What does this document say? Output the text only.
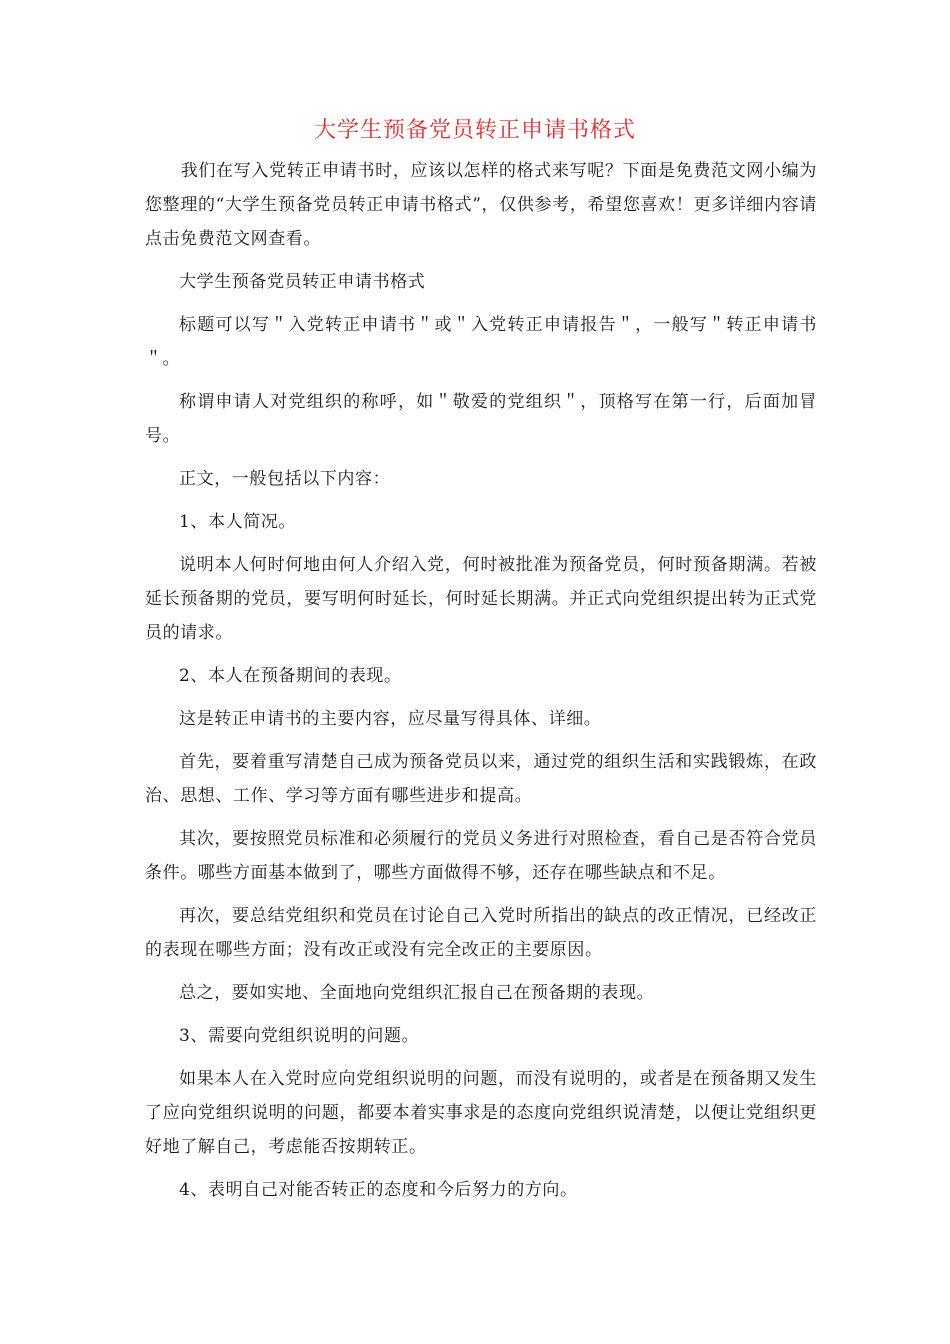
大学生预备党员转正申请书格式

我们在写入党转正申请书时，应该以怎样的格式来写呢？下面是免费范文网小编为您整理的“大学生预备党员转正申请书格式”，仅供参考，希望您喜欢！更多详细内容请点击免费范文网查看。

大学生预备党员转正申请书格式

标题可以写＂入党转正申请书＂或＂入党转正申请报告＂，一般写＂转正申请书＂。

称谓申请人对党组织的称呼，如＂敬爱的党组织＂，顶格写在第一行，后面加冒号。

正文，一般包括以下内容：

1、本人简况。

说明本人何时何地由何人介绍入党，何时被批准为预备党员，何时预备期满。若被延长预备期的党员，要写明何时延长，何时延长期满。并正式向党组织提出转为正式党员的请求。

2、本人在预备期间的表现。

这是转正申请书的主要内容，应尽量写得具体、详细。

首先，要着重写清楚自己成为预备党员以来，通过党的组织生活和实践锻炼，在政治、思想、工作、学习等方面有哪些进步和提高。

其次，要按照党员标准和必须履行的党员义务进行对照检查，看自己是否符合党员条件。哪些方面基本做到了，哪些方面做得不够，还存在哪些缺点和不足。

再次，要总结党组织和党员在讨论自己入党时所指出的缺点的改正情况，已经改正的表现在哪些方面；没有改正或没有完全改正的主要原因。

总之，要如实地、全面地向党组织汇报自己在预备期的表现。

3、需要向党组织说明的问题。

如果本人在入党时应向党组织说明的问题，而没有说明的，或者是在预备期又发生了应向党组织说明的问题，都要本着实事求是的态度向党组织说清楚，以便让党组织更好地了解自己，考虑能否按期转正。

4、表明自己对能否转正的态度和今后努力的方向。
